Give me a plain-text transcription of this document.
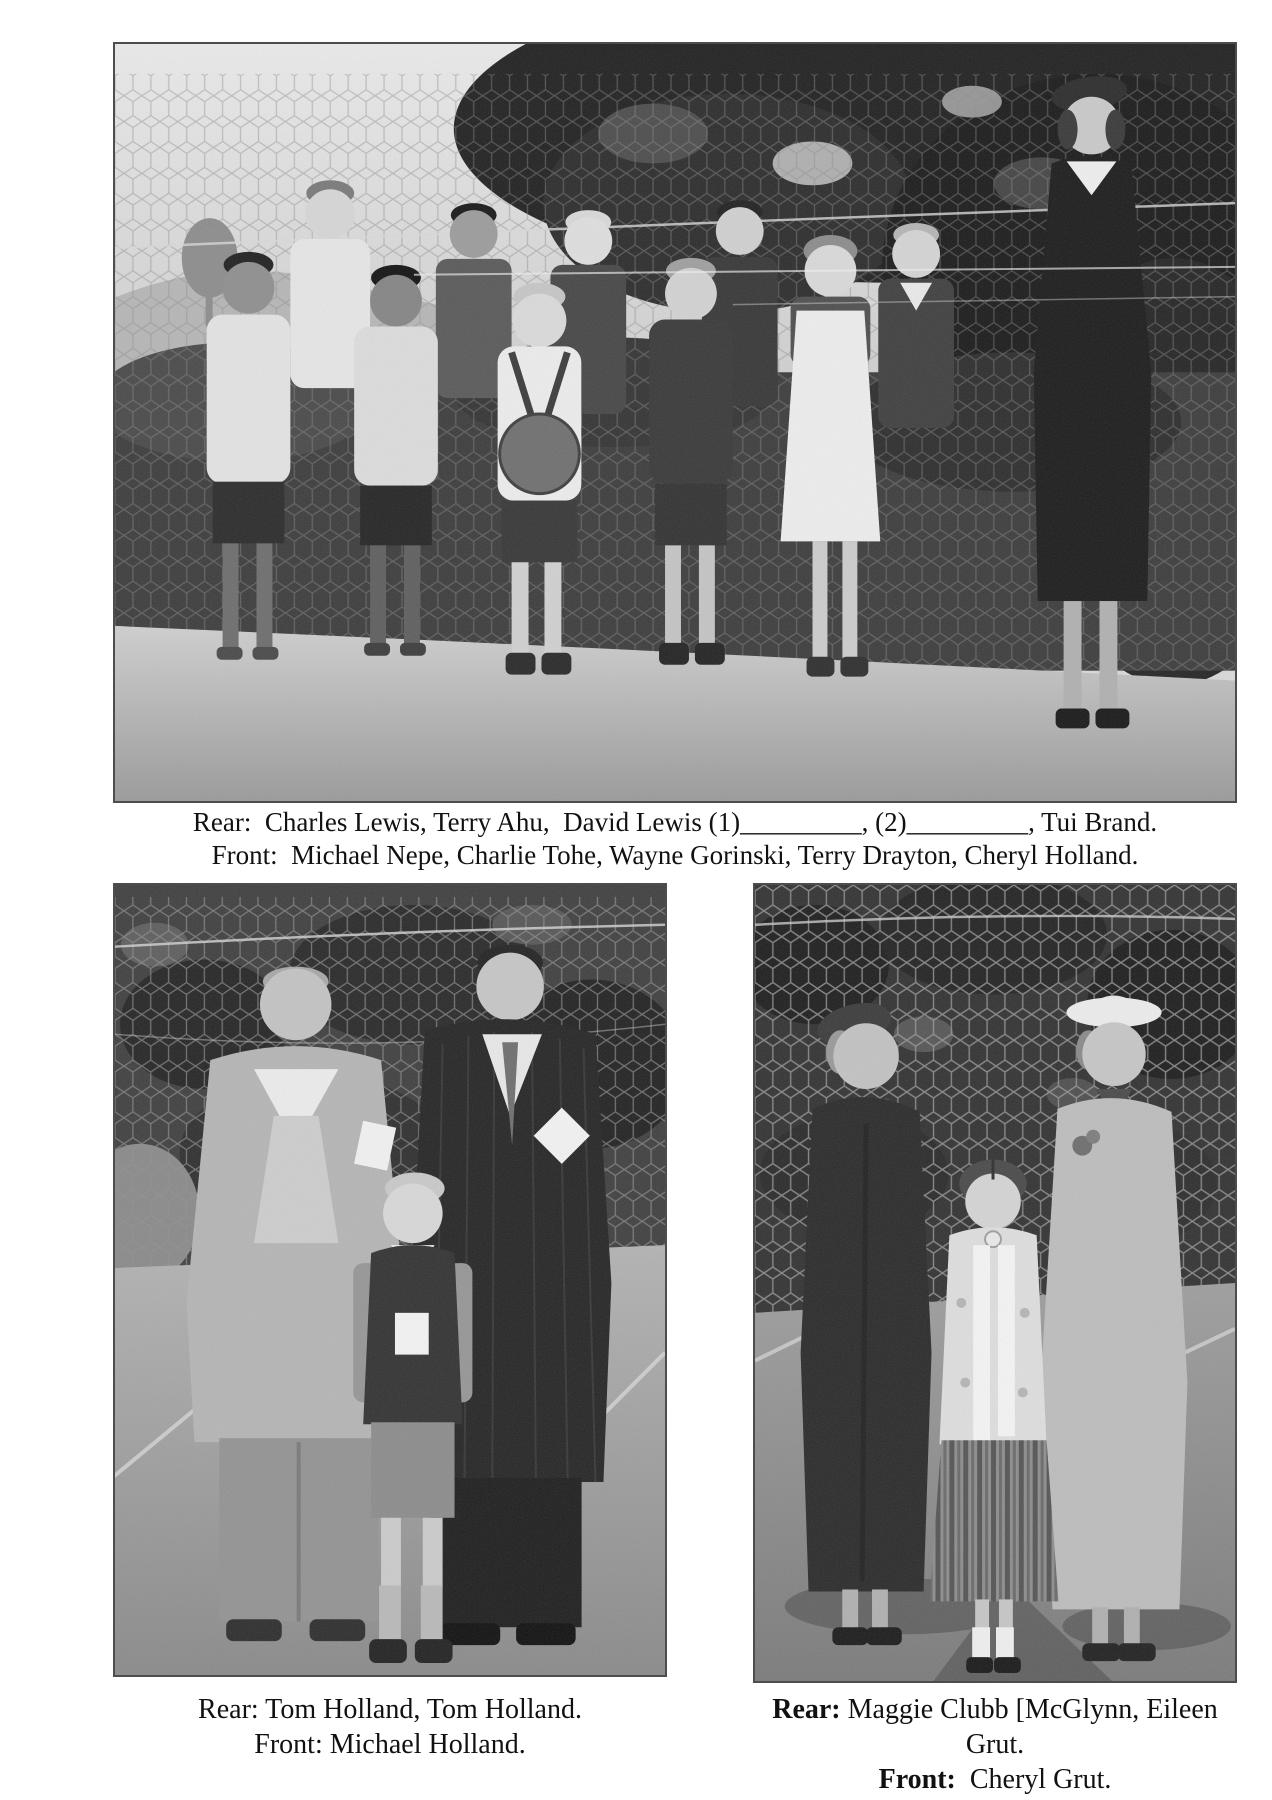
Rear:  Charles Lewis, Terry Ahu,  David Lewis (1)_________, (2)_________, Tui Brand.
Front:  Michael Nepe, Charlie Tohe, Wayne Gorinski, Terry Drayton, Cheryl Holland.
Rear: Tom Holland, Tom Holland.
Front: Michael Holland.
Rear: Maggie Clubb [McGlynn, Eileen Grut.
Front:  Cheryl Grut.
